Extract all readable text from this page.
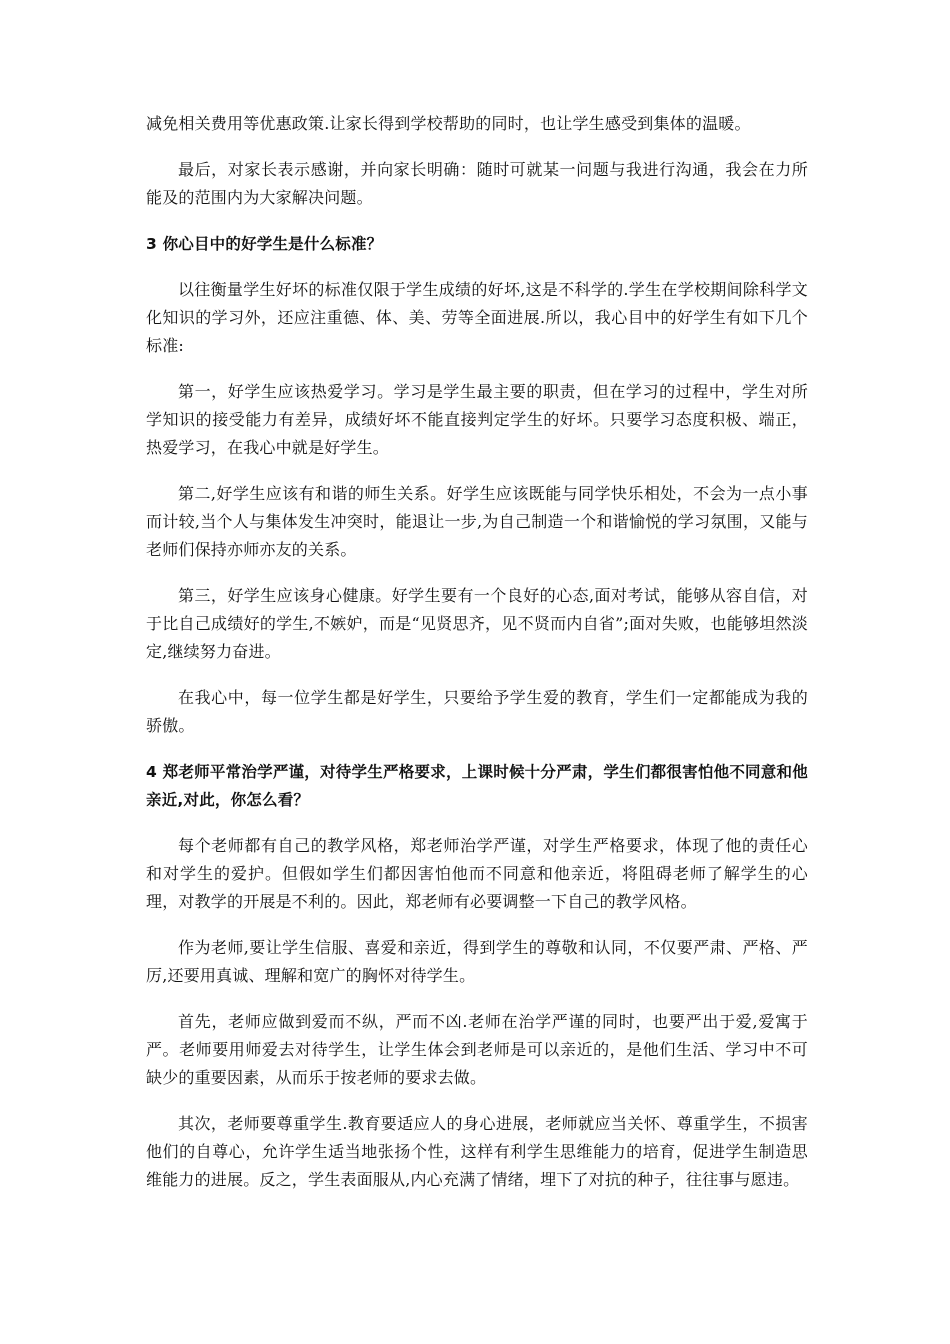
减免相关费用等优惠政策.让家长得到学校帮助的同时，也让学生感受到集体的温暖。

最后，对家长表示感谢，并向家长明确：随时可就某一问题与我进行沟通，我会在力所能及的范围内为大家解决问题。

3 你心目中的好学生是什么标准？

以往衡量学生好坏的标准仅限于学生成绩的好坏,这是不科学的.学生在学校期间除科学文化知识的学习外，还应注重德、体、美、劳等全面进展.所以，我心目中的好学生有如下几个标准:

第一，好学生应该热爱学习。学习是学生最主要的职责，但在学习的过程中，学生对所学知识的接受能力有差异，成绩好坏不能直接判定学生的好坏。只要学习态度积极、端正，热爱学习，在我心中就是好学生。

第二,好学生应该有和谐的师生关系。好学生应该既能与同学快乐相处，不会为一点小事而计较,当个人与集体发生冲突时，能退让一步,为自己制造一个和谐愉悦的学习氛围，又能与老师们保持亦师亦友的关系。

第三，好学生应该身心健康。好学生要有一个良好的心态,面对考试，能够从容自信，对于比自己成绩好的学生,不嫉妒，而是“见贤思齐，见不贤而内自省”;面对失败，也能够坦然淡定,继续努力奋进。

在我心中，每一位学生都是好学生，只要给予学生爱的教育，学生们一定都能成为我的骄傲。

4 郑老师平常治学严谨，对待学生严格要求，上课时候十分严肃，学生们都很害怕他不同意和他亲近,对此，你怎么看？

每个老师都有自己的教学风格，郑老师治学严谨，对学生严格要求，体现了他的责任心和对学生的爱护。但假如学生们都因害怕他而不同意和他亲近，将阻碍老师了解学生的心理，对教学的开展是不利的。因此，郑老师有必要调整一下自己的教学风格。

作为老师,要让学生信服、喜爱和亲近，得到学生的尊敬和认同，不仅要严肃、严格、严厉,还要用真诚、理解和宽广的胸怀对待学生。

首先，老师应做到爱而不纵，严而不凶.老师在治学严谨的同时，也要严出于爱,爱寓于严。老师要用师爱去对待学生，让学生体会到老师是可以亲近的，是他们生活、学习中不可缺少的重要因素，从而乐于按老师的要求去做。

其次，老师要尊重学生.教育要适应人的身心进展，老师就应当关怀、尊重学生，不损害他们的自尊心，允许学生适当地张扬个性，这样有利学生思维能力的培育，促进学生制造思维能力的进展。反之，学生表面服从,内心充满了情绪，埋下了对抗的种子，往往事与愿违。
